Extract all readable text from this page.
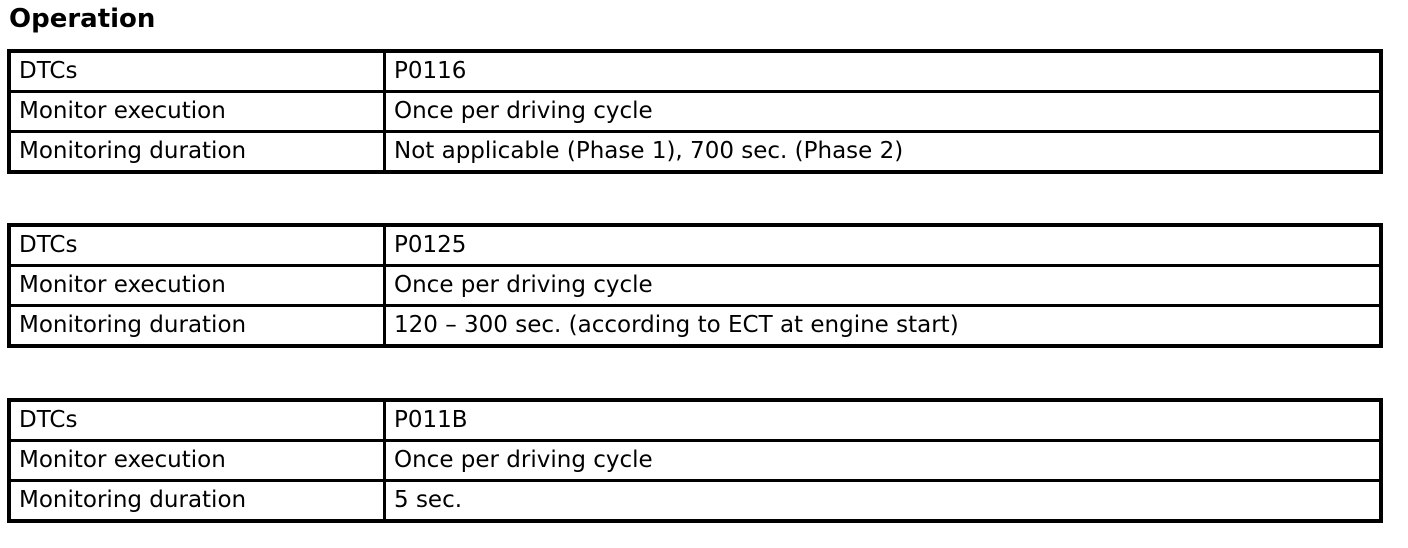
Operation
DTCs	P0116
Monitor execution	Once per driving cycle
Monitoring duration	Not applicable (Phase 1), 700 sec. (Phase 2)
DTCs	P0125
Monitor execution	Once per driving cycle
Monitoring duration	120 – 300 sec. (according to ECT at engine start)
DTCs	P011B
Monitor execution	Once per driving cycle
Monitoring duration	5 sec.
